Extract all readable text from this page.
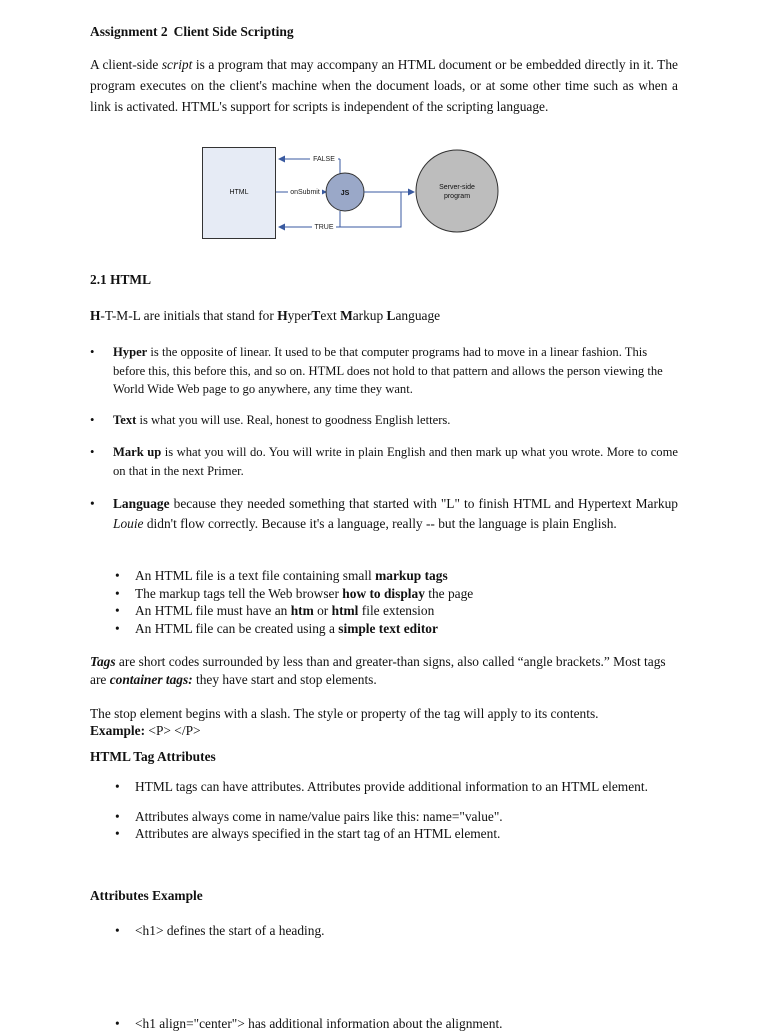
Assignment 2 Client Side Scripting
A client-side script is a program that may accompany an HTML document or be embedded directly in it. The program executes on the client's machine when the document loads, or at some other time such as when a link is activated. HTML's support for scripts is independent of the scripting language.
HTML
FALSE
onSubmit	JS
TRUE
Server-side
program
2.1 HTML
H-T-M-L are initials that stand for HyperText Markup Language
• Hyper is the opposite of linear. It used to be that computer programs had to move in a linear fashion. This before this, this before this, and so on. HTML does not hold to that pattern and allows the person viewing the World Wide Web page to go anywhere, any time they want.
• Text is what you will use. Real, honest to goodness English letters.
• Mark up is what you will do. You will write in plain English and then mark up what you wrote. More to come on that in the next Primer.
• Language because they needed something that started with "L" to finish HTML and Hypertext Markup Louie didn't flow correctly. Because it's a language, really -- but the language is plain English.
• An HTML file is a text file containing small markup tags
• The markup tags tell the Web browser how to display the page
• An HTML file must have an htm or html file extension
• An HTML file can be created using a simple text editor
Tags are short codes surrounded by less than and greater-than signs, also called “angle brackets.” Most tags are container tags: they have start and stop elements.
The stop element begins with a slash. The style or property of the tag will apply to its contents.
Example: <P> </P>
HTML Tag Attributes
• HTML tags can have attributes. Attributes provide additional information to an HTML element.
• Attributes always come in name/value pairs like this: name="value".
• Attributes are always specified in the start tag of an HTML element.
Attributes Example
• <h1> defines the start of a heading.
• <h1 align="center"> has additional information about the alignment.
